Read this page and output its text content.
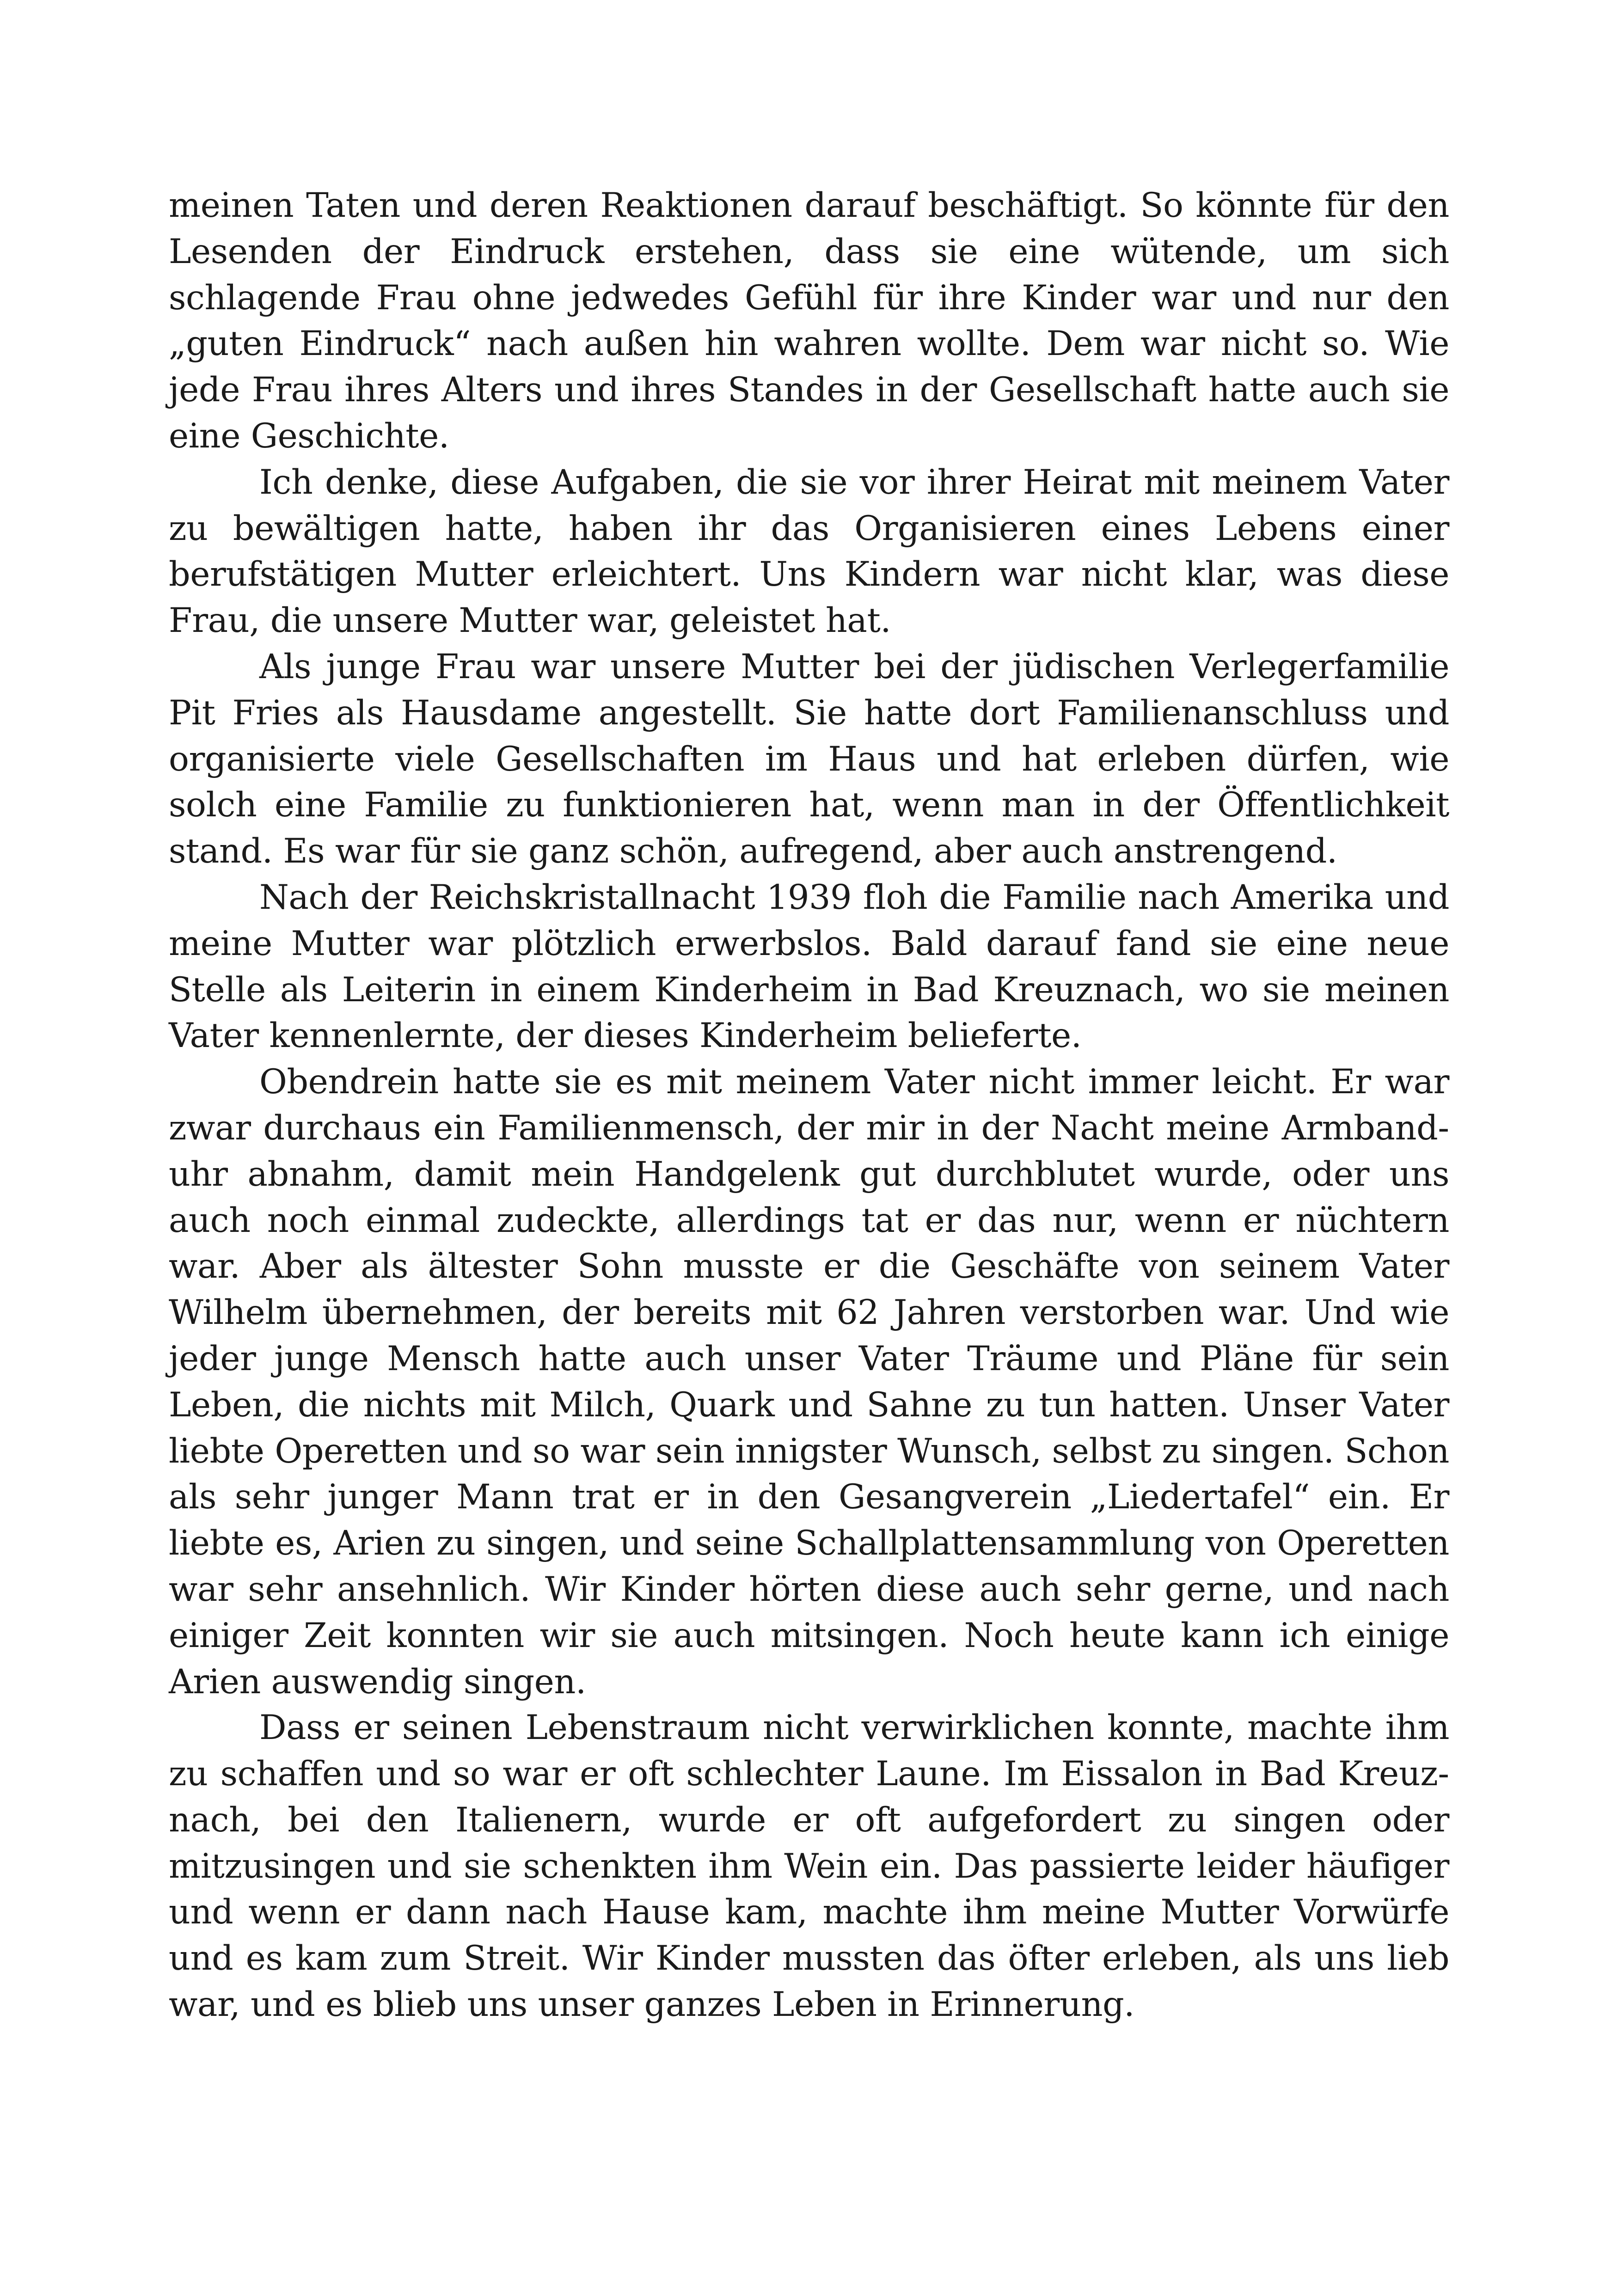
meinen Taten und deren Reaktionen darauf beschäftigt. So könnte für den Lesenden der Eindruck erstehen, dass sie eine wütende, um sich schlagende Frau ohne jedwedes Gefühl für ihre Kinder war und nur den „guten Eindruck“ nach außen hin wahren wollte. Dem war nicht so. Wie jede Frau ihres Alters und ihres Standes in der Gesellschaft hatte auch sie eine Geschichte.

Ich denke, diese Aufgaben, die sie vor ihrer Heirat mit meinem Vater zu bewältigen hatte, haben ihr das Organisieren eines Lebens einer berufstätigen Mutter erleichtert. Uns Kindern war nicht klar, was diese Frau, die unsere Mutter war, geleistet hat.

Als junge Frau war unsere Mutter bei der jüdischen Verlegerfamilie Pit Fries als Hausdame angestellt. Sie hatte dort Familienanschluss und organisierte viele Gesellschaften im Haus und hat erleben dürfen, wie solch eine Familie zu funktionieren hat, wenn man in der Öffentlichkeit stand. Es war für sie ganz schön, aufregend, aber auch anstrengend.

Nach der Reichskristallnacht 1939 floh die Familie nach Amerika und meine Mutter war plötzlich erwerbslos. Bald darauf fand sie eine neue Stelle als Leiterin in einem Kinderheim in Bad Kreuznach, wo sie meinen Vater kennenlernte, der dieses Kinderheim belieferte.

Obendrein hatte sie es mit meinem Vater nicht immer leicht. Er war zwar durchaus ein Familienmensch, der mir in der Nacht meine Armbanduhr abnahm, damit mein Handgelenk gut durchblutet wurde, oder uns auch noch einmal zudeckte, allerdings tat er das nur, wenn er nüchtern war. Aber als ältester Sohn musste er die Geschäfte von seinem Vater Wilhelm übernehmen, der bereits mit 62 Jahren verstorben war. Und wie jeder junge Mensch hatte auch unser Vater Träume und Pläne für sein Leben, die nichts mit Milch, Quark und Sahne zu tun hatten. Unser Vater liebte Operetten und so war sein innigster Wunsch, selbst zu singen. Schon als sehr junger Mann trat er in den Gesangverein „Liedertafel“ ein. Er liebte es, Arien zu singen, und seine Schallplattensammlung von Operetten war sehr ansehnlich. Wir Kinder hörten diese auch sehr gerne, und nach einiger Zeit konnten wir sie auch mitsingen. Noch heute kann ich einige Arien auswendig singen.

Dass er seinen Lebenstraum nicht verwirklichen konnte, machte ihm zu schaffen und so war er oft schlechter Laune. Im Eissalon in Bad Kreuznach, bei den Italienern, wurde er oft aufgefordert zu singen oder mitzusingen und sie schenkten ihm Wein ein. Das passierte leider häufiger und wenn er dann nach Hause kam, machte ihm meine Mutter Vorwürfe und es kam zum Streit. Wir Kinder mussten das öfter erleben, als uns lieb war, und es blieb uns unser ganzes Leben in Erinnerung.
